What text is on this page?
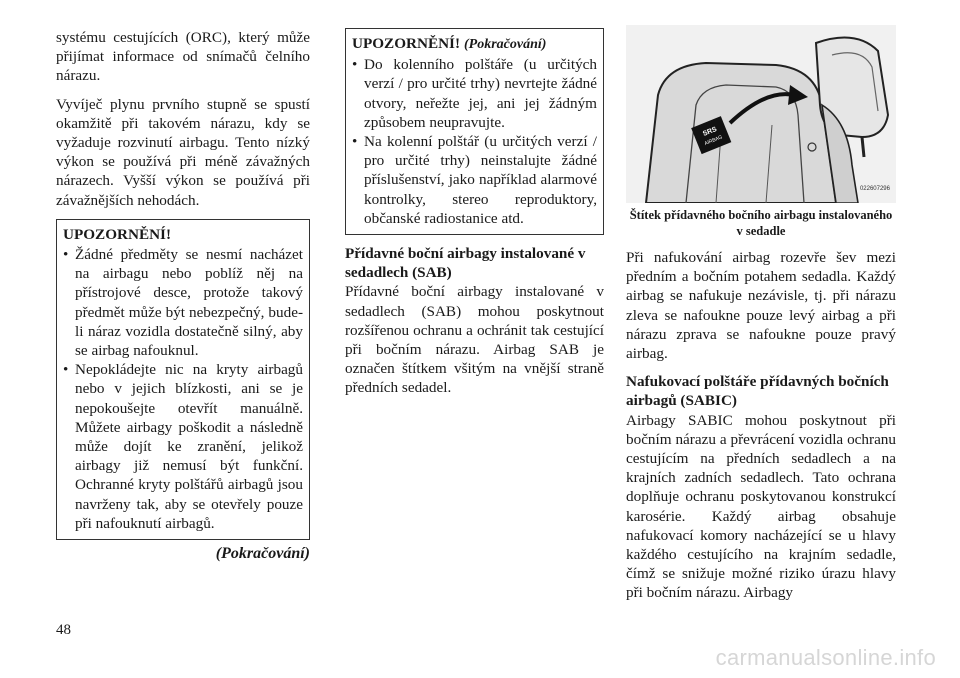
systému cestujících (ORC), který může přijímat informace od snímačů čelního nárazu.

Vyvíječ plynu prvního stupně se spustí okamžitě při takovém nárazu, kdy se vyžaduje rozvinutí airbagu. Tento nízký výkon se používá při méně závažných nárazech. Vyšší výkon se používá při závažnějších nehodách.

UPOZORNĚNÍ!
• Žádné předměty se nesmí nacházet na airbagu nebo poblíž něj na přístrojové desce, protože takový předmět může být nebezpečný, bude-li náraz vozidla dostatečně silný, aby se airbag nafouknul.
• Nepokládejte nic na kryty airbagů nebo v jejich blízkosti, ani se je nepokoušejte otevřít manuálně. Můžete airbagy poškodit a následně může dojít ke zranění, jelikož airbagy již nemusí být funkční. Ochranné kryty polštářů airbagů jsou navrženy tak, aby se otevřely pouze při nafouknutí airbagů.
(Pokračování)
UPOZORNĚNÍ! (Pokračování)
• Do kolenního polštáře (u určitých verzí / pro určité trhy) nevrtejte žádné otvory, neřežte jej, ani jej žádným způsobem neupravujte.
• Na kolenní polštář (u určitých verzí / pro určité trhy) neinstalujte žádné příslušenství, jako například alarmové kontrolky, stereo reproduktory, občanské radiostanice atd.
Přídavné boční airbagy instalované v sedadlech (SAB)

Přídavné boční airbagy instalované v sedadlech (SAB) mohou poskytnout rozšířenou ochranu a ochránit tak cestující při bočním nárazu. Airbag SAB je označen štítkem všitým na vnější straně předních sedadel.

SRS
AIRBAG
022607296
Štítek přídavného bočního airbagu instalovaného v sedadle

Při nafukování airbag rozevře šev mezi předním a bočním potahem sedadla. Každý airbag se nafukuje nezávisle, tj. při nárazu zleva se nafoukne pouze levý airbag a při nárazu zprava se nafoukne pouze pravý airbag.

Nafukovací polštáře přídavných bočních airbagů (SABIC)

Airbagy SABIC mohou poskytnout při bočním nárazu a převrácení vozidla ochranu cestujícím na předních sedadlech a na krajních zadních sedadlech. Tato ochrana doplňuje ochranu poskytovanou konstrukcí karosérie. Každý airbag obsahuje nafukovací komory nacházející se u hlavy každého cestujícího na krajním sedadle, čímž se snižuje možné riziko úrazu hlavy při bočním nárazu. Airbagy

48
carmanualsonline.info
